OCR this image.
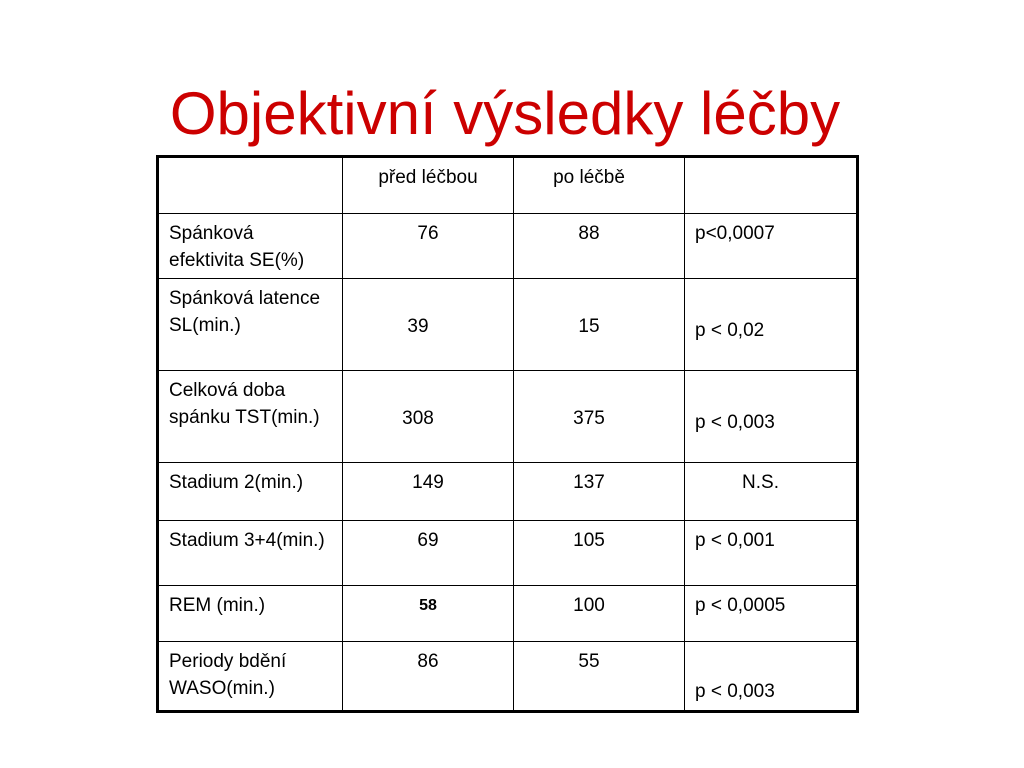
Objektivní výsledky léčby
	před léčbou	po léčbě	
Spánková efektivita SE(%)	76	88	p<0,0007
Spánková latence SL(min.)	39	15	p < 0,02
Celková doba spánku TST(min.)	308	375	p < 0,003
Stadium 2(min.)	149	137	N.S.
Stadium 3+4(min.)	69	105	p < 0,001
REM (min.)	58	100	p < 0,0005
Periody bdění WASO(min.)	86	55	p < 0,003
